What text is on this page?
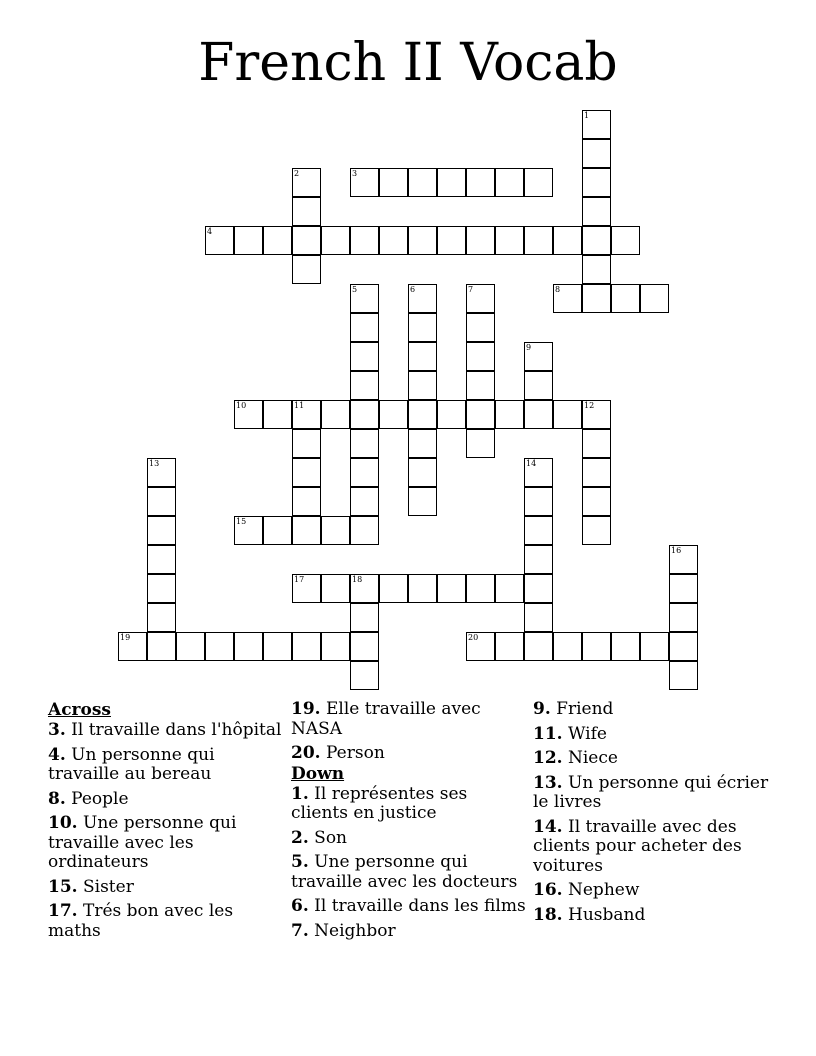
French II Vocab
1
2	3
4
5	6	7	8
9
10	11	12
13	14
15
16
17	18
19	20
Across
3 . Il travaille dans l'hôpital
4 . Un personne qui travaille au bereau
8 . People
10 . Une personne qui travaille avec les ordinateurs
15 . Sister
17 . Trés bon avec les maths
19 . Elle travaille avec NASA
20 . Person
Down
1 . Il représentes ses clients en justice
2 . Son
5 . Une personne qui travaille avec les docteurs
6 . Il travaille dans les films
7 . Neighbor
9 . Friend
11 . Wife
12 . Niece
13 . Un personne qui écrier le livres
14 . Il travaille avec des clients pour acheter des voitures
16 . Nephew
18 . Husband
